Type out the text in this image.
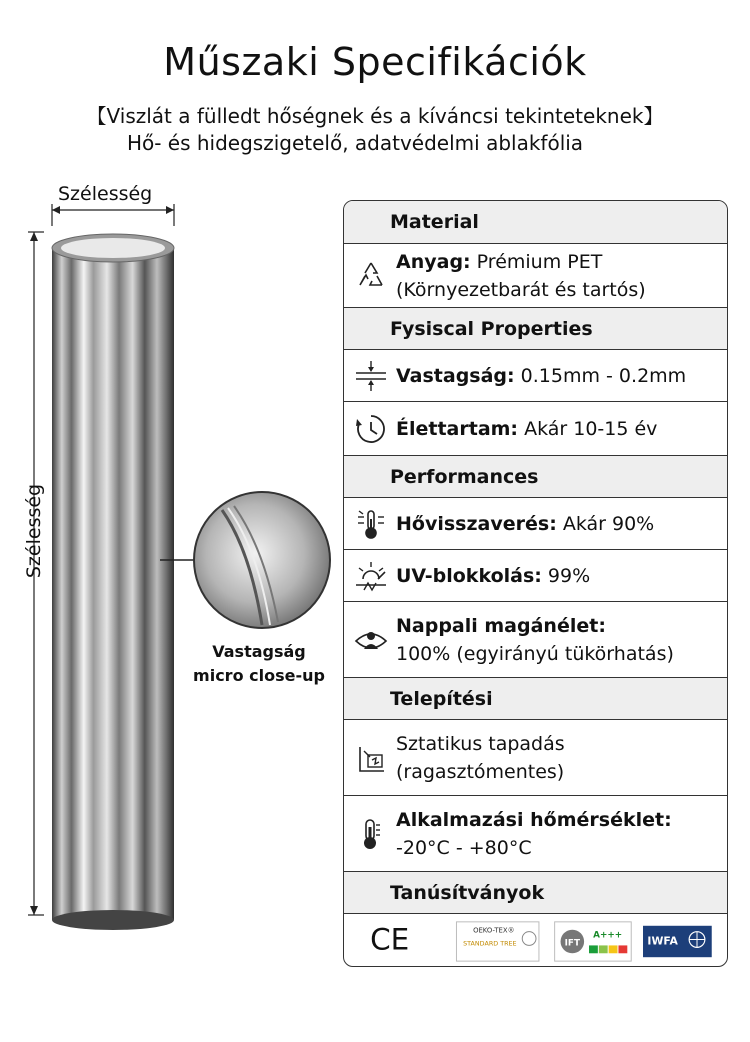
Műszaki Specifikációk
【Viszlát a fülledt hőségnek és a kíváncsi tekinteteknek】
Hő- és hidegszigetelő, adatvédelmi ablakfólia
Szélesség
Szélesség
Vastagság
micro close-up
Material
Anyag: Prémium PET
(Környezetbarát és tartós)
Fysiscal Properties
Vastagság: 0.15mm - 0.2mm
Élettartam: Akár 10-15 év
Performances
Hővisszaverés: Akár 90%
UV-blokkolás: 99%
Nappali magánélet:
100% (egyirányú tükörhatás)
Telepítési
Sztatikus tapadás
(ragasztómentes)
Alkalmazási hőmérséklet:
-20°C - +80°C
Tanúsítványok
CE	OEKO-TEX®
STANDARD TREE	IFT
A+++ IWFA
